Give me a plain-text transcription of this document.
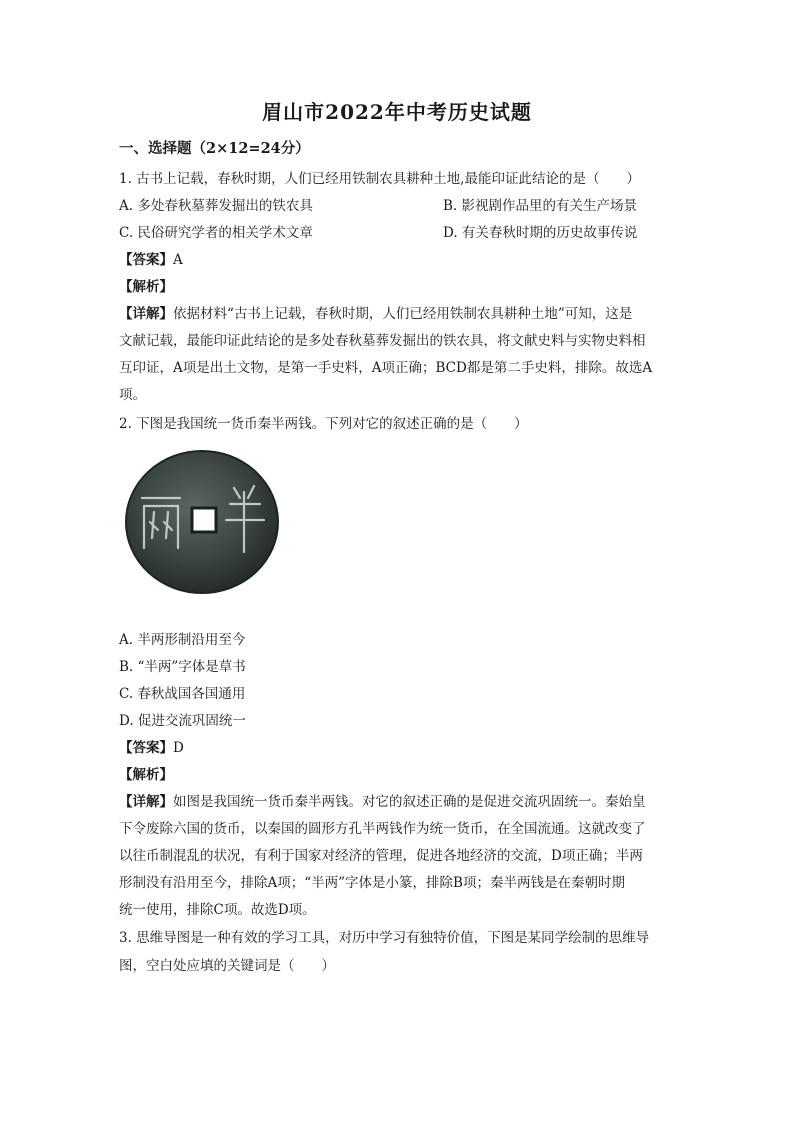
眉山市2022年中考历史试题
一、选择题（2×12=24分）
1. 古书上记载，春秋时期，人们已经用铁制农具耕种土地,最能印证此结论的是（　　）
A. 多处春秋墓葬发掘出的铁农具	B. 影视剧作品里的有关生产场景
C. 民俗研究学者的相关学术文章	D. 有关春秋时期的历史故事传说
【答案】A
【解析】
【详解】依据材料“古书上记载，春秋时期，人们已经用铁制农具耕种土地”可知，这是
文献记载，最能印证此结论的是多处春秋墓葬发掘出的铁农具，将文献史料与实物史料相
互印证，A项是出土文物，是第一手史料，A项正确；BCD都是第二手史料，排除。故选A
项。
2. 下图是我国统一货币秦半两钱。下列对它的叙述正确的是（　　）
A. 半两形制沿用至今
B. “半两”字体是草书
C. 春秋战国各国通用
D. 促进交流巩固统一
【答案】D
【解析】
【详解】如图是我国统一货币秦半两钱。对它的叙述正确的是促进交流巩固统一。秦始皇
下令废除六国的货币，以秦国的圆形方孔半两钱作为统一货币，在全国流通。这就改变了
以往币制混乱的状况，有利于国家对经济的管理，促进各地经济的交流，D项正确；半两
形制没有沿用至今，排除A项；“半两”字体是小篆，排除B项；秦半两钱是在秦朝时期
统一使用，排除C项。故选D项。
3. 思维导图是一种有效的学习工具，对历中学习有独特价值，下图是某同学绘制的思维导
图，空白处应填的关键词是（　　）
